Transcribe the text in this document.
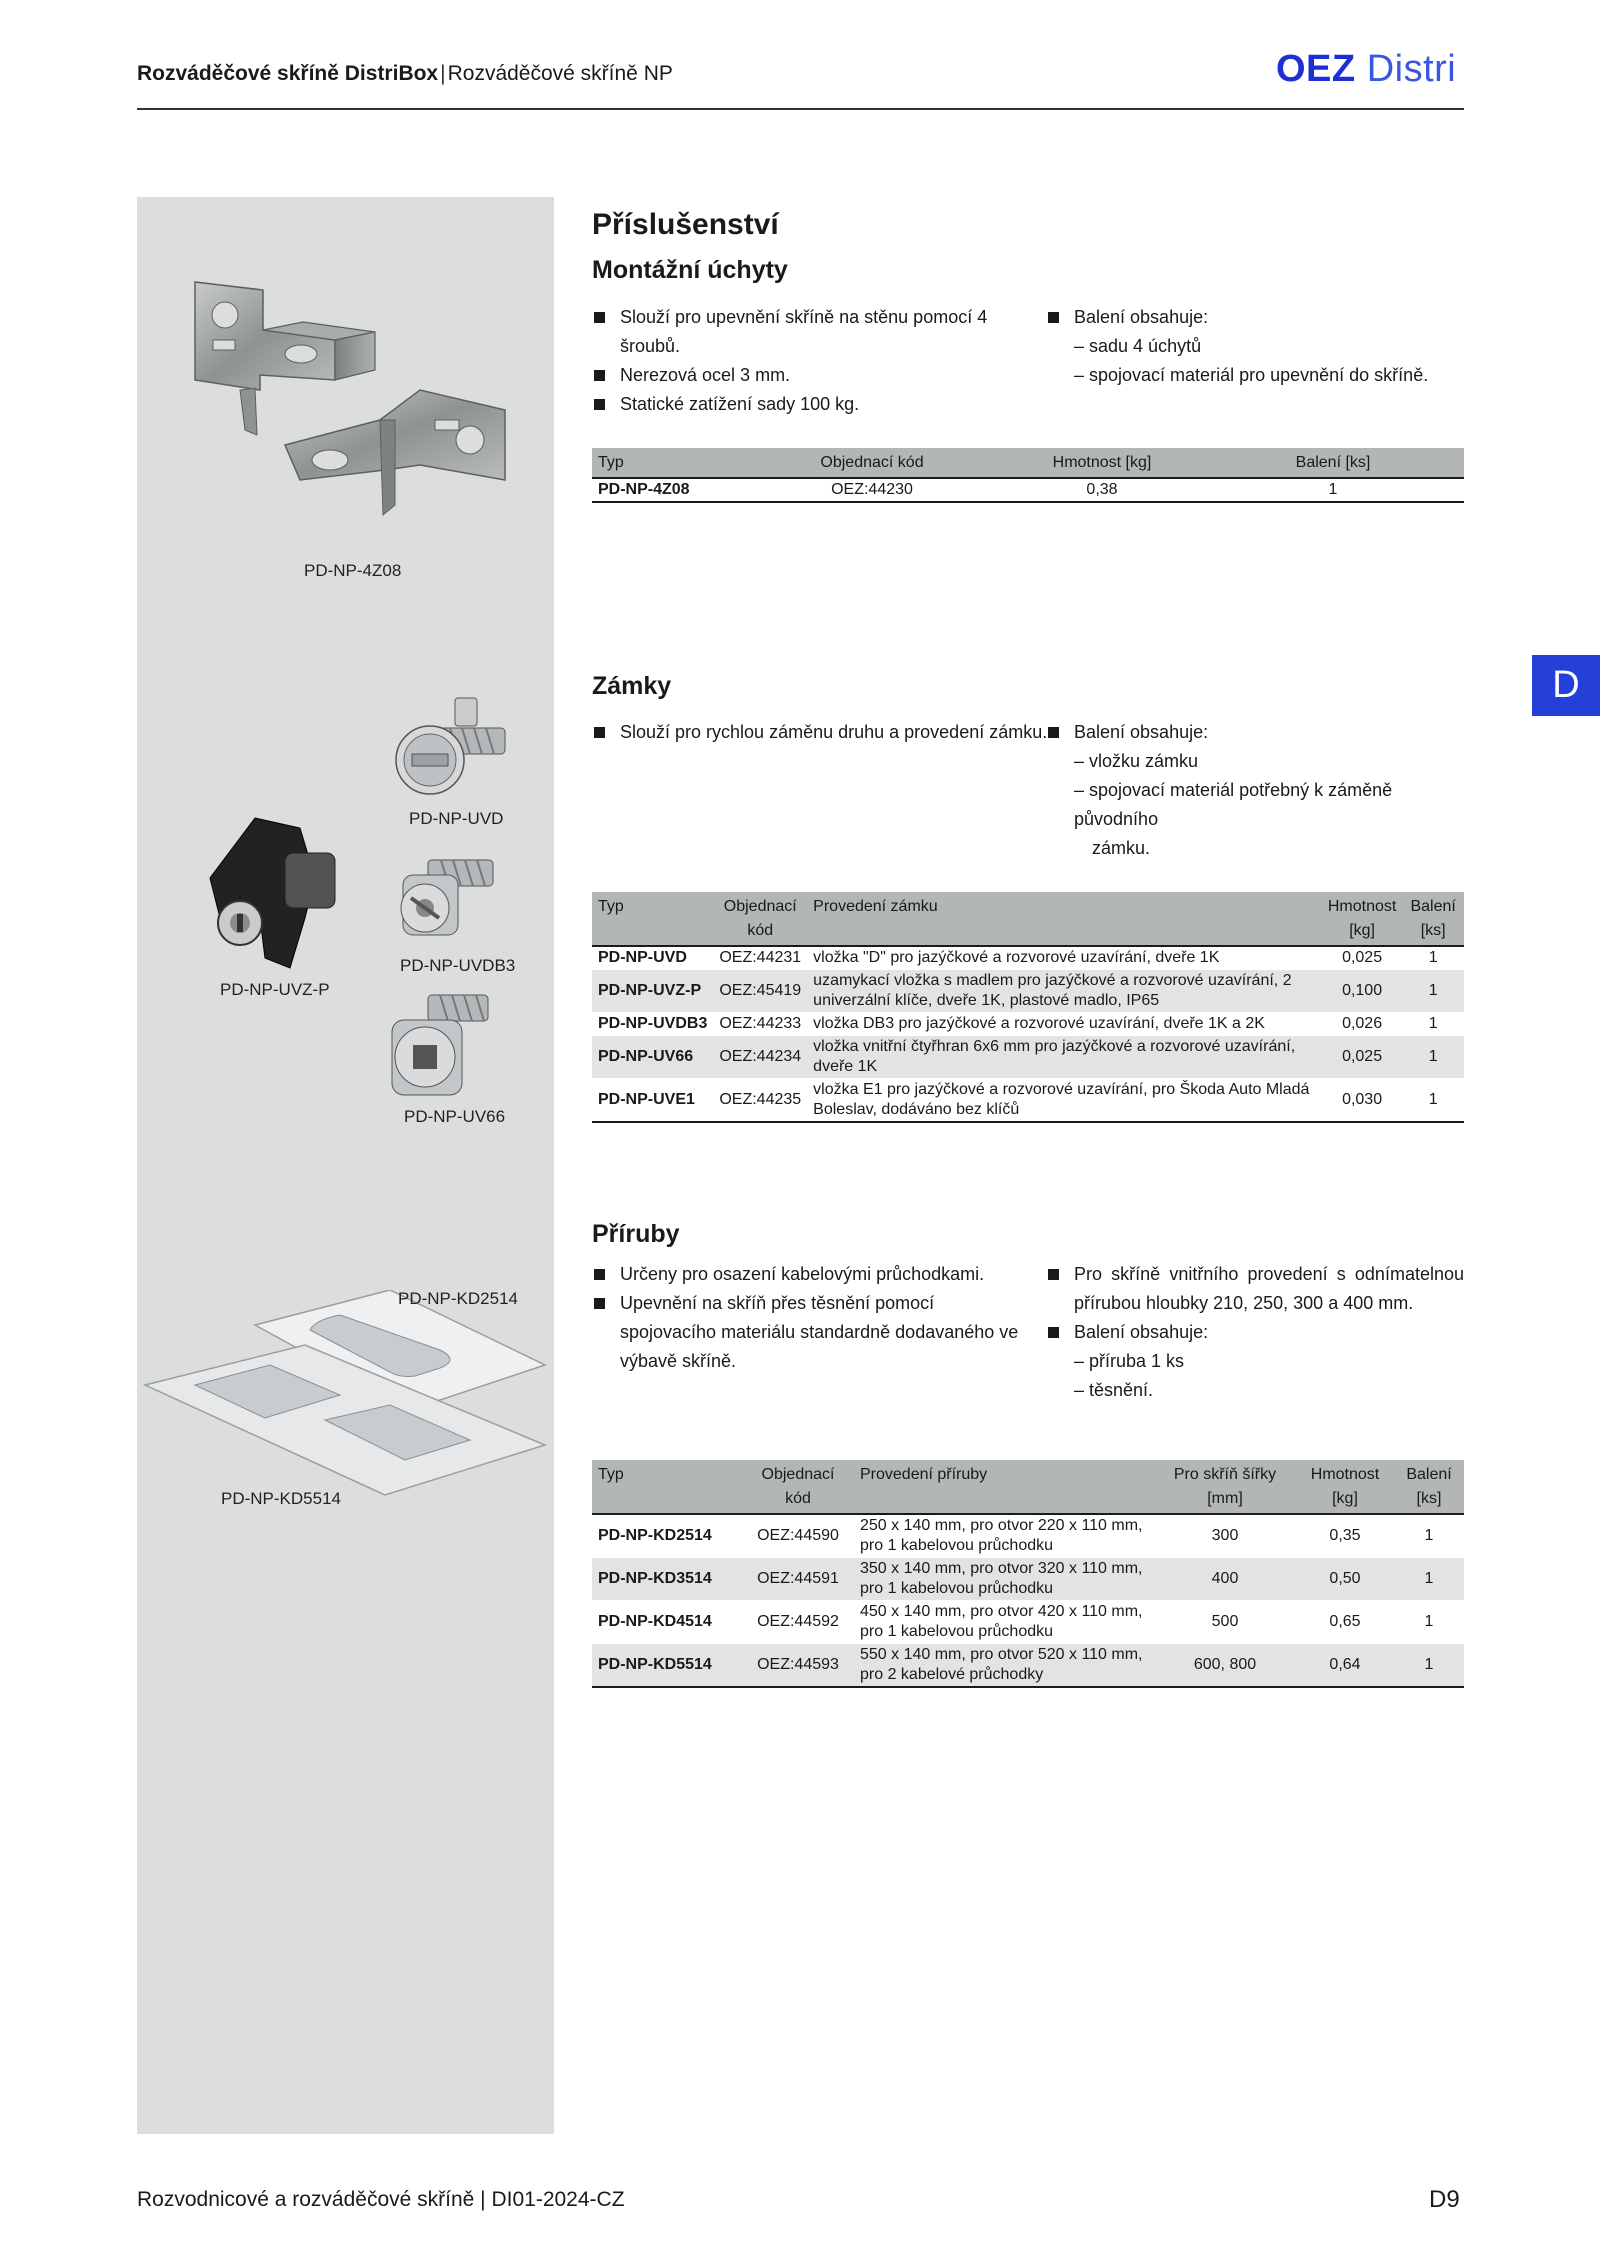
Rozváděčové skříně DistriBox|Rozváděčové skříně NP	OEZ Distri
PD-NP-4Z08
PD-NP-UVD
PD-NP-UVZ-P
PD-NP-UVDB3
PD-NP-UV66
PD-NP-KD2514
PD-NP-KD5514
D
Příslušenství
Montážní úchyty
Slouží pro upevnění skříně na stěnu pomocí 4 šroubů.
Nerezová ocel 3 mm.
Statické zatížení sady 100 kg.
Balení obsahuje:
– sadu 4 úchytů
– spojovací materiál pro upevnění do skříně.
Typ	Objednací kód	Hmotnost [kg]	Balení [ks]
PD-NP-4Z08	OEZ:44230	0,38	1
Zámky
Slouží pro rychlou záměnu druhu a provedení zámku.	Balení obsahuje:
– vložku zámku
– spojovací materiál potřebný k záměně původního
zámku.
Typ	Objednací kód	Provedení zámku	Hmotnost [kg]	Balení [ks]
PD-NP-UVD	OEZ:44231	vložka "D" pro jazýčkové a rozvorové uzavírání, dveře 1K	0,025	1
PD-NP-UVZ-P	OEZ:45419	uzamykací vložka s madlem pro jazýčkové a rozvorové uzavírání, 2 univerzální klíče, dveře 1K, plastové madlo, IP65	0,100	1
PD-NP-UVDB3	OEZ:44233	vložka DB3 pro jazýčkové a rozvorové uzavírání, dveře 1K a 2K	0,026	1
PD-NP-UV66	OEZ:44234	vložka vnitřní čtyřhran 6x6 mm pro jazýčkové a rozvorové uzavírání, dveře 1K	0,025	1
PD-NP-UVE1	OEZ:44235	vložka E1 pro jazýčkové a rozvorové uzavírání, pro Škoda Auto Mladá Boleslav, dodáváno bez klíčů	0,030	1
Příruby
Určeny pro osazení kabelovými průchodkami.
Upevnění na skříň přes těsnění pomocí spojovacího materiálu standardně dodavaného ve výbavě skříně.
Pro skříně vnitřního provedení s odnímatelnou přírubou hloubky 210, 250, 300 a 400 mm.
Balení obsahuje:
– příruba 1 ks
– těsnění.
Typ	Objednací kód	Provedení příruby	Pro skříň šířky [mm]	Hmotnost [kg]	Balení [ks]
PD-NP-KD2514	OEZ:44590	250 x 140 mm, pro otvor 220 x 110 mm, pro 1 kabelovou průchodku	300	0,35	1
PD-NP-KD3514	OEZ:44591	350 x 140 mm, pro otvor 320 x 110 mm, pro 1 kabelovou průchodku	400	0,50	1
PD-NP-KD4514	OEZ:44592	450 x 140 mm, pro otvor 420 x 110 mm, pro 1 kabelovou průchodku	500	0,65	1
PD-NP-KD5514	OEZ:44593	550 x 140 mm, pro otvor 520 x 110 mm, pro 2 kabelové průchodky	600, 800	0,64	1
Rozvodnicové a rozváděčové skříně | DI01-2024-CZ	D9
